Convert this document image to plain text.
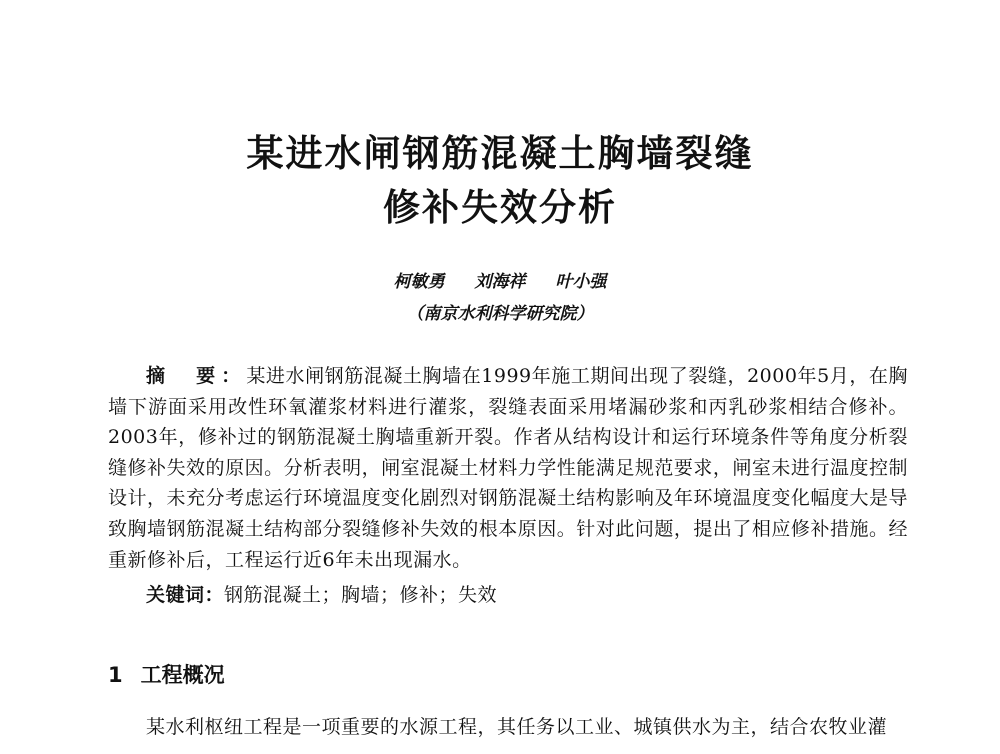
某进水闸钢筋混凝土胸墙裂缝
修补失效分析
柯敏勇 刘海祥 叶小强
（南京水利科学研究院）

摘　要：某进水闸钢筋混凝土胸墙在1999年施工期间出现了裂缝，2000年5月，在胸墙下游面采用改性环氧灌浆材料进行灌浆，裂缝表面采用堵漏砂浆和丙乳砂浆相结合修补。2003年，修补过的钢筋混凝土胸墙重新开裂。作者从结构设计和运行环境条件等角度分析裂缝修补失效的原因。分析表明，闸室混凝土材料力学性能满足规范要求，闸室未进行温度控制设计，未充分考虑运行环境温度变化剧烈对钢筋混凝土结构影响及年环境温度变化幅度大是导致胸墙钢筋混凝土结构部分裂缝修补失效的根本原因。针对此问题，提出了相应修补措施。经重新修补后，工程运行近6年未出现漏水。

关键词：钢筋混凝土；胸墙；修补；失效
1 工程概况

某水利枢纽工程是一项重要的水源工程，其任务以工业、城镇供水为主，结合农牧业灌
